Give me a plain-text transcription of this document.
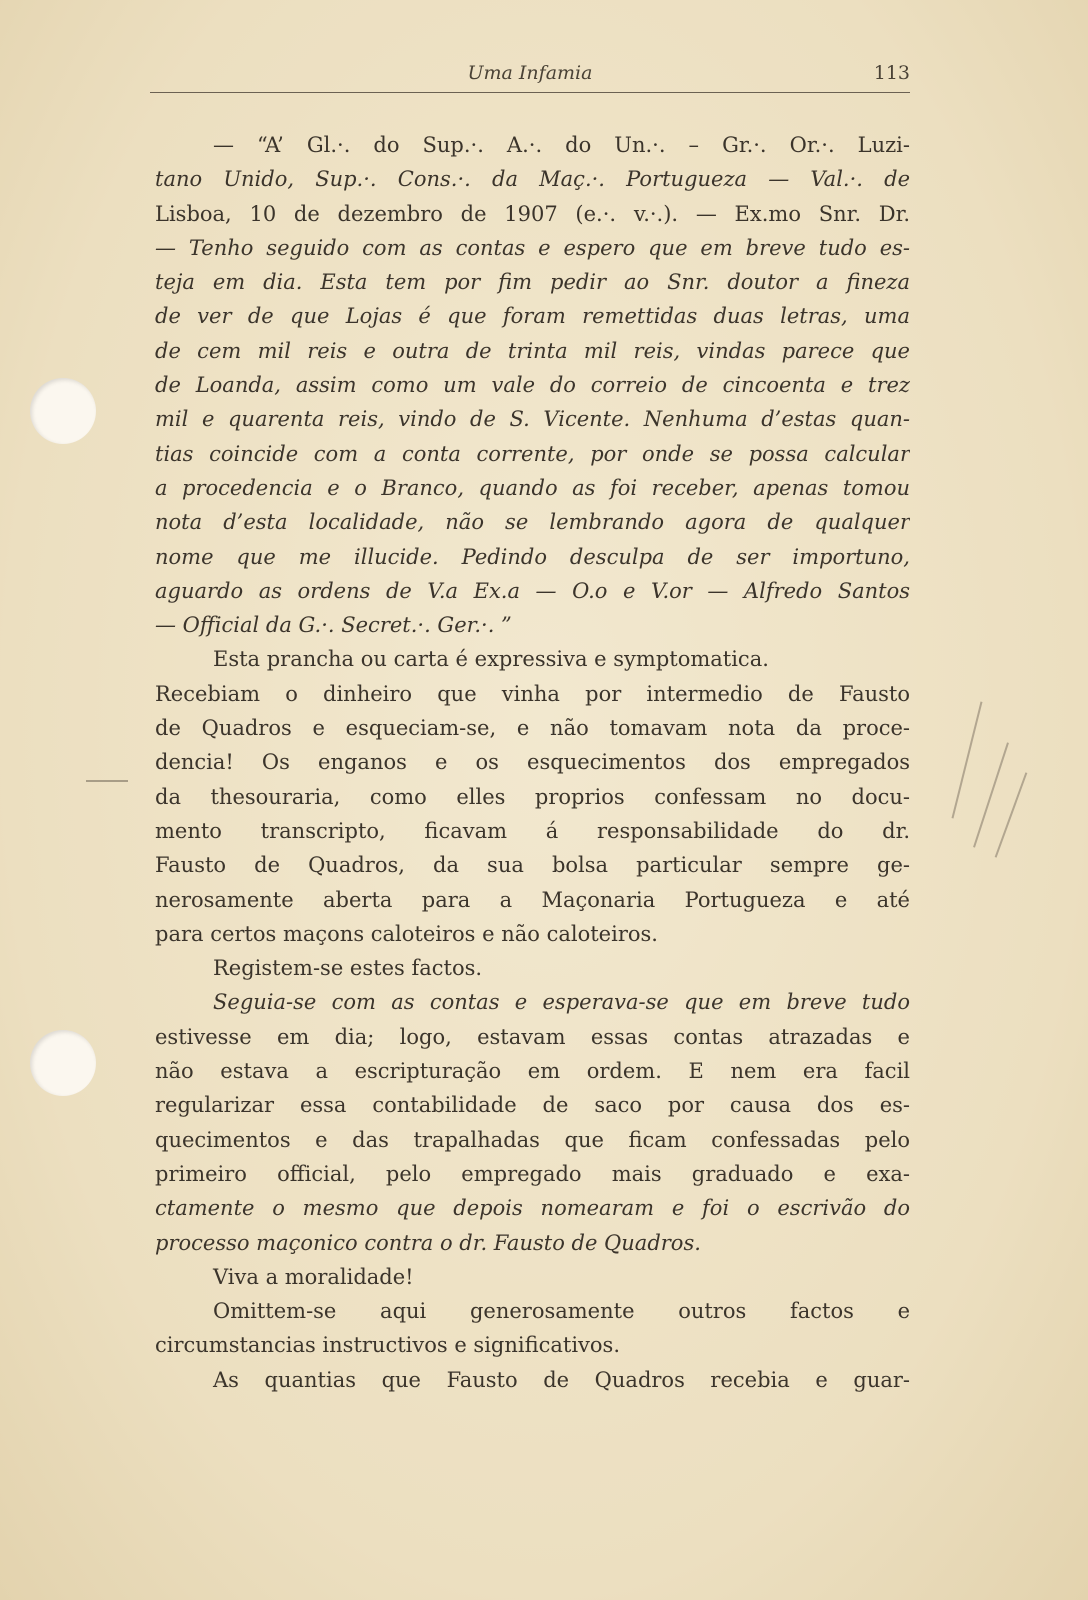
Uma Infamia	113
— “A’ Gl.·. do Sup.·. A.·. do Un.·. – Gr.·. Or.·. Luzi-
tano Unido, Sup.·. Cons.·. da Maç.·. Portugueza — Val.·. de
Lisboa, 10 de dezembro de 1907 (e.·. v.·.). — Ex.mo Snr. Dr.
— Tenho seguido com as contas e espero que em breve tudo es-
teja em dia. Esta tem por fim pedir ao Snr. doutor a fineza
de ver de que Lojas é que foram remettidas duas letras, uma
de cem mil reis e outra de trinta mil reis, vindas parece que
de Loanda, assim como um vale do correio de cincoenta e trez
mil e quarenta reis, vindo de S. Vicente. Nenhuma d’estas quan-
tias coincide com a conta corrente, por onde se possa calcular
a procedencia e o Branco, quando as foi receber, apenas tomou
nota d’esta localidade, não se lembrando agora de qualquer
nome que me illucide. Pedindo desculpa de ser importuno,
aguardo as ordens de V.a Ex.a — O.o e V.or — Alfredo Santos
— Official da G.·. Secret.·. Ger.·. ”
Esta prancha ou carta é expressiva e symptomatica.
Recebiam o dinheiro que vinha por intermedio de Fausto
de Quadros e esqueciam-se, e não tomavam nota da proce-
dencia! Os enganos e os esquecimentos dos empregados
da thesouraria, como elles proprios confessam no docu-
mento transcripto, ficavam á responsabilidade do dr.
Fausto de Quadros, da sua bolsa particular sempre ge-
nerosamente aberta para a Maçonaria Portugueza e até
para certos maçons caloteiros e não caloteiros.
Registem-se estes factos.
Seguia-se com as contas e esperava-se que em breve tudo
estivesse em dia; logo, estavam essas contas atrazadas e
não estava a escripturação em ordem. E nem era facil
regularizar essa contabilidade de saco por causa dos es-
quecimentos e das trapalhadas que ficam confessadas pelo
primeiro official, pelo empregado mais graduado e exa-
ctamente o mesmo que depois nomearam e foi o escrivão do
processo maçonico contra o dr. Fausto de Quadros.
Viva a moralidade!
Omittem-se aqui generosamente outros factos e
circumstancias instructivos e significativos.
As quantias que Fausto de Quadros recebia e guar-
